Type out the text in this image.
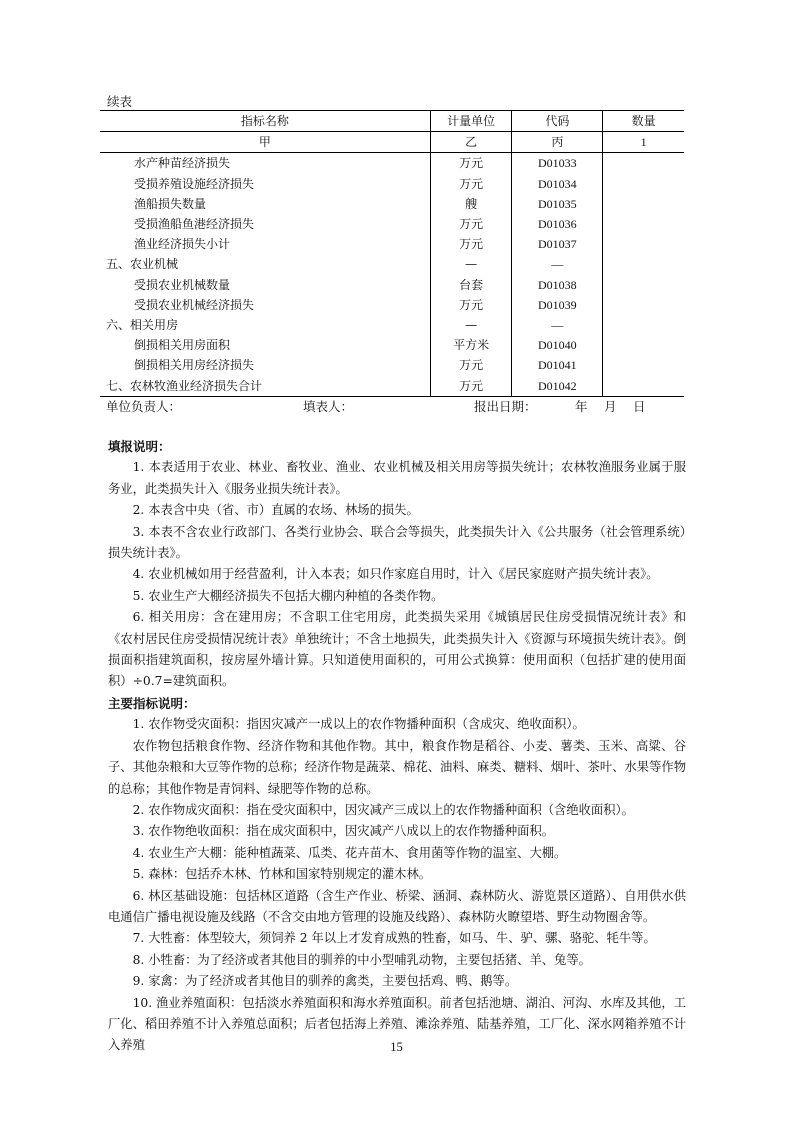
续表
指标名称	计量单位	代码	数量
甲	乙	丙	1
水产种苗经济损失	万元	D01033	
受损养殖设施经济损失	万元	D01034	
渔船损失数量	艘	D01035	
受损渔船鱼港经济损失	万元	D01036	
渔业经济损失小计	万元	D01037	
五、农业机械	—	—	
受损农业机械数量	台套	D01038	
受损农业机械经济损失	万元	D01039	
六、相关用房	—	—	
倒损相关用房面积	平方米	D01040	
倒损相关用房经济损失	万元	D01041	
七、农林牧渔业经济损失合计	万元	D01042	
单位负责人：	填表人：	报出日期：	年 月 日
填报说明：

1. 本表适用于农业、林业、畜牧业、渔业、农业机械及相关用房等损失统计；农林牧渔服务业属于服务业，此类损失计入《服务业损失统计表》。

2. 本表含中央（省、市）直属的农场、林场的损失。

3. 本表不含农业行政部门、各类行业协会、联合会等损失，此类损失计入《公共服务（社会管理系统）损失统计表》。

4. 农业机械如用于经营盈利，计入本表；如只作家庭自用时，计入《居民家庭财产损失统计表》。

5. 农业生产大棚经济损失不包括大棚内种植的各类作物。

6. 相关用房：含在建用房；不含职工住宅用房，此类损失采用《城镇居民住房受损情况统计表》和《农村居民住房受损情况统计表》单独统计；不含土地损失，此类损失计入《资源与环境损失统计表》。倒损面积指建筑面积，按房屋外墙计算。只知道使用面积的，可用公式换算：使用面积（包括扩建的使用面积）÷0.7=建筑面积。

主要指标说明：

1. 农作物受灾面积：指因灾减产一成以上的农作物播种面积（含成灾、绝收面积）。

农作物包括粮食作物、经济作物和其他作物。其中，粮食作物是稻谷、小麦、薯类、玉米、高粱、谷子、其他杂粮和大豆等作物的总称；经济作物是蔬菜、棉花、油料、麻类、糖料、烟叶、茶叶、水果等作物的总称；其他作物是青饲料、绿肥等作物的总称。

2. 农作物成灾面积：指在受灾面积中，因灾减产三成以上的农作物播种面积（含绝收面积）。

3. 农作物绝收面积：指在成灾面积中，因灾减产八成以上的农作物播种面积。

4. 农业生产大棚：能种植蔬菜、瓜类、花卉苗木、食用菌等作物的温室、大棚。

5. 森林：包括乔木林、竹林和国家特别规定的灌木林。

6. 林区基础设施：包括林区道路（含生产作业、桥梁、涵洞、森林防火、游览景区道路）、自用供水供电通信广播电视设施及线路（不含交由地方管理的设施及线路）、森林防火瞭望塔、野生动物圈舍等。

7. 大牲畜：体型较大，须饲养 2 年以上才发育成熟的牲畜，如马、牛、驴、骡、骆驼、牦牛等。

8. 小牲畜：为了经济或者其他目的驯养的中小型哺乳动物，主要包括猪、羊、兔等。

9. 家禽：为了经济或者其他目的驯养的禽类，主要包括鸡、鸭、鹅等。

10. 渔业养殖面积：包括淡水养殖面积和海水养殖面积。前者包括池塘、湖泊、河沟、水库及其他，工厂化、稻田养殖不计入养殖总面积；后者包括海上养殖、滩涂养殖、陆基养殖，工厂化、深水网箱养殖不计入养殖	15
